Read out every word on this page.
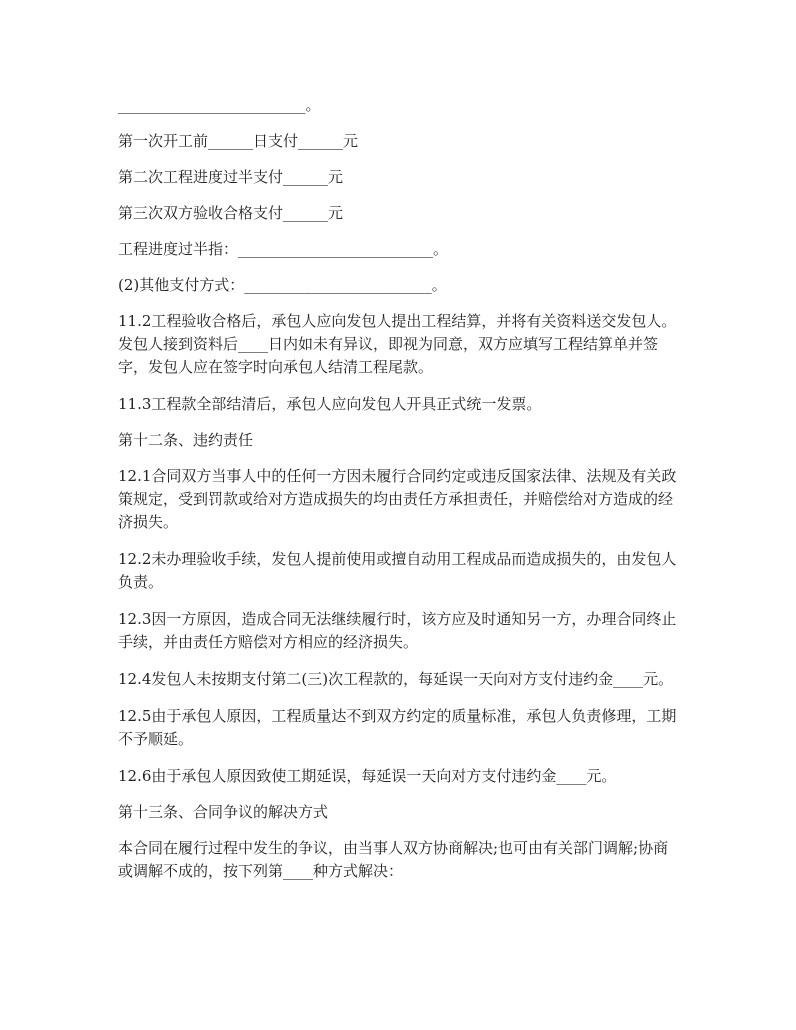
_________________________。

第一次开工前______日支付______元

第二次工程进度过半支付______元

第三次双方验收合格支付______元

工程进度过半指：__________________________。

(2)其他支付方式：_________________________。

11.2工程验收合格后，承包人应向发包人提出工程结算，并将有关资料送交发包人。发包人接到资料后____日内如未有异议，即视为同意，双方应填写工程结算单并签字，发包人应在签字时向承包人结清工程尾款。

11.3工程款全部结清后，承包人应向发包人开具正式统一发票。

第十二条、违约责任

12.1合同双方当事人中的任何一方因未履行合同约定或违反国家法律、法规及有关政策规定，受到罚款或给对方造成损失的均由责任方承担责任，并赔偿给对方造成的经济损失。

12.2未办理验收手续，发包人提前使用或擅自动用工程成品而造成损失的，由发包人负责。

12.3因一方原因，造成合同无法继续履行时，该方应及时通知另一方，办理合同终止手续，并由责任方赔偿对方相应的经济损失。

12.4发包人未按期支付第二(三)次工程款的，每延误一天向对方支付违约金____元。

12.5由于承包人原因，工程质量达不到双方约定的质量标准，承包人负责修理，工期不予顺延。

12.6由于承包人原因致使工期延误，每延误一天向对方支付违约金____元。

第十三条、合同争议的解决方式

本合同在履行过程中发生的争议，由当事人双方协商解决;也可由有关部门调解;协商或调解不成的，按下列第____种方式解决：
